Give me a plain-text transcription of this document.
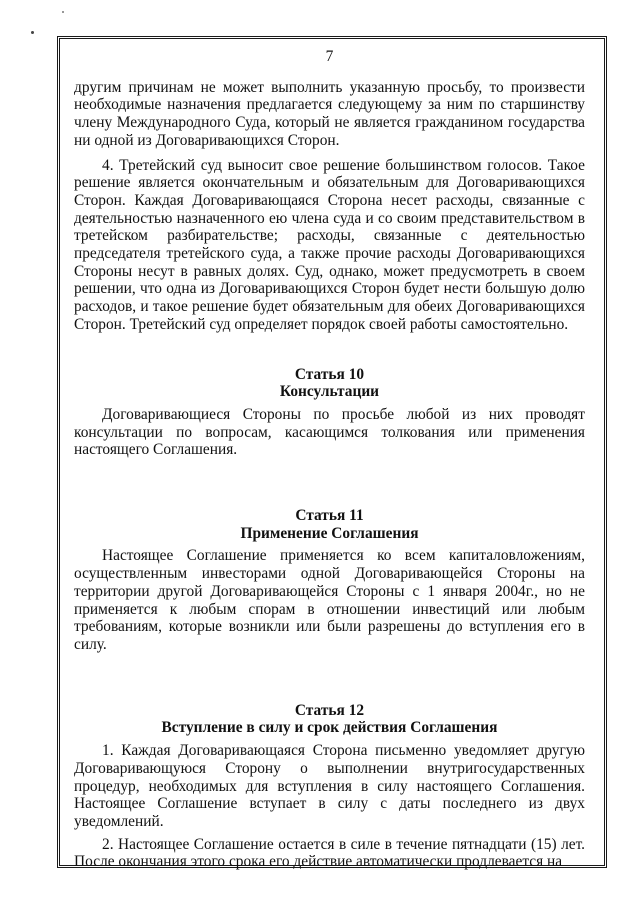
7

другим причинам не может выполнить указанную просьбу, то произвести необходимые назначения предлагается следующему за ним по старшинству члену Международного Суда, который не является гражданином государства ни одной из Договаривающихся Сторон.

4. Третейский суд выносит свое решение большинством голосов. Такое решение является окончательным и обязательным для Договаривающихся Сторон. Каждая Договаривающаяся Сторона несет расходы, связанные с деятельностью назначенного ею члена суда и со своим представительством в третейском разбирательстве; расходы, связанные с деятельностью председателя третейского суда, а также прочие расходы Договаривающихся Стороны несут в равных долях. Суд, однако, может предусмотреть в своем решении, что одна из Договаривающихся Сторон будет нести большую долю расходов, и такое решение будет обязательным для обеих Договаривающихся Сторон. Третейский суд определяет порядок своей работы самостоятельно.

Статья 10

Консультации

Договаривающиеся Стороны по просьбе любой из них проводят консультации по вопросам, касающимся толкования или применения настоящего Соглашения.

Статья 11

Применение Соглашения

Настоящее Соглашение применяется ко всем капиталовложениям, осуществленным инвесторами одной Договаривающейся Стороны на территории другой Договаривающейся Стороны с 1 января 2004г., но не применяется к любым спорам в отношении инвестиций или любым требованиям, которые возникли или были разрешены до вступления его в силу.

Статья 12

Вступление в силу и срок действия Соглашения

1. Каждая Договаривающаяся Сторона письменно уведомляет другую Договаривающуюся Сторону о выполнении внутригосударственных процедур, необходимых для вступления в силу настоящего Соглашения. Настоящее Соглашение вступает в силу с даты последнего из двух уведомлений.

2. Настоящее Соглашение остается в силе в течение пятнадцати (15) лет. После окончания этого срока его действие автоматически продлевается на
